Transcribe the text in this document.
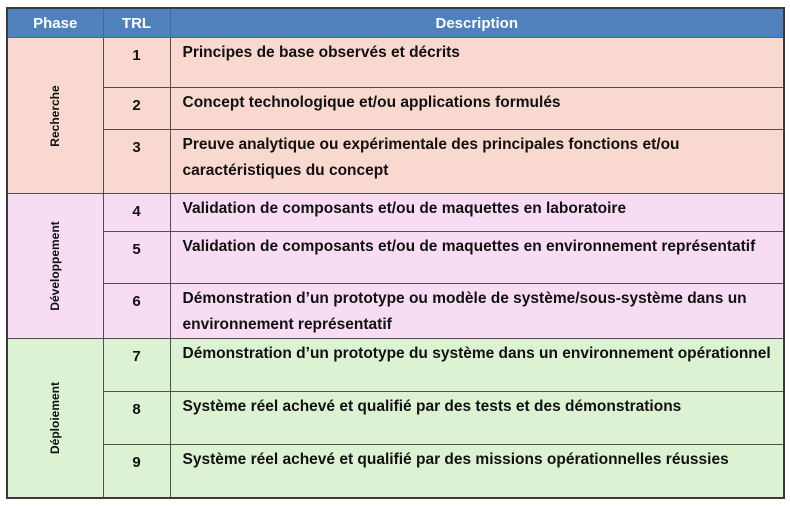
Phase	TRL	Description

Recherche	1	Principes de base observés et décrits
	2	Concept technologique et/ou applications formulés
	3	Preuve analytique ou expérimentale des principales fonctions et/ou caractéristiques du concept

Développement	4	Validation de composants et/ou de maquettes en laboratoire
	5	Validation de composants et/ou de maquettes en environnement représentatif
	6	Démonstration d’un prototype ou modèle de système/sous-système dans un environnement représentatif

Déploiement	7	Démonstration d’un prototype du système dans un environnement opérationnel
	8	Système réel achevé et qualifié par des tests et des démonstrations
	9	Système réel achevé et qualifié par des missions opérationnelles réussies
